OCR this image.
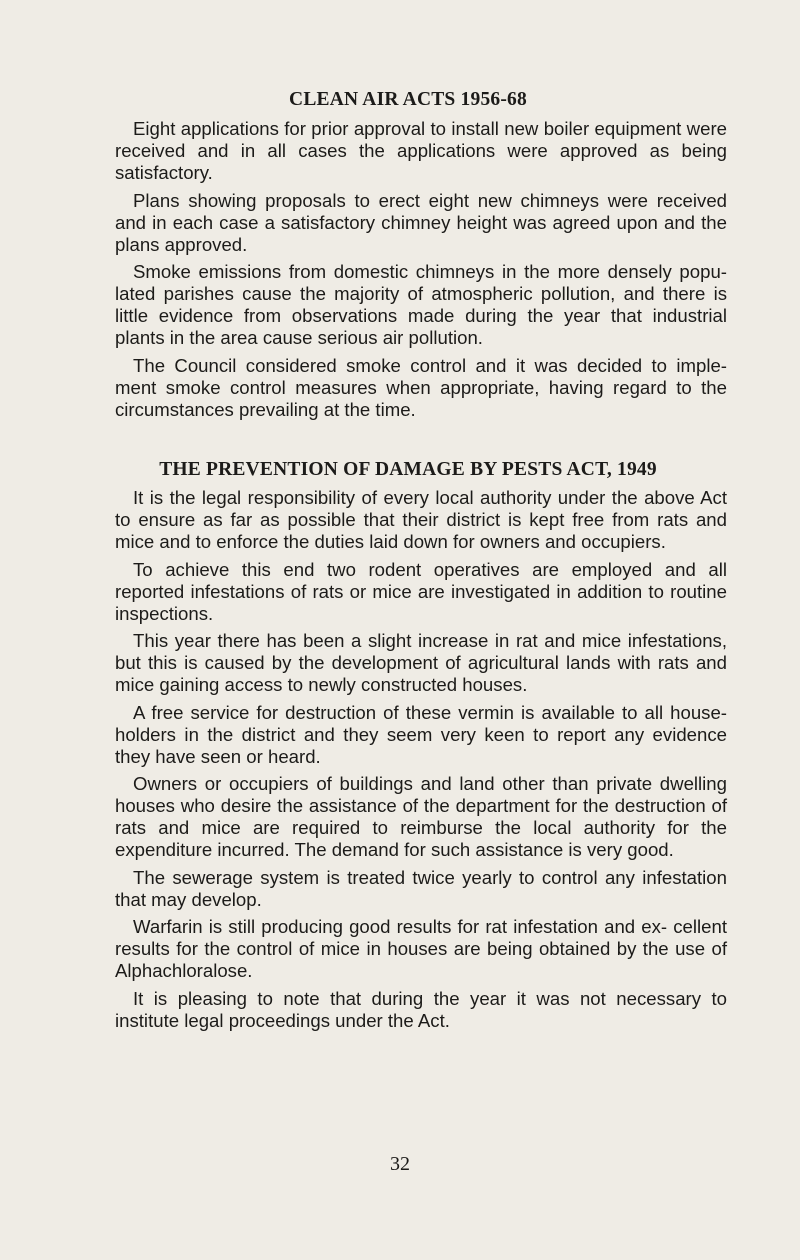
CLEAN AIR ACTS 1956-68

Eight applications for prior approval to install new boiler equipment were received and in all cases the applications were approved as being satisfactory.

Plans showing proposals to erect eight new chimneys were received and in each case a satisfactory chimney height was agreed upon and the plans approved.

Smoke emissions from domestic chimneys in the more densely popu- lated parishes cause the majority of atmospheric pollution, and there is little evidence from observations made during the year that industrial plants in the area cause serious air pollution.

The Council considered smoke control and it was decided to imple- ment smoke control measures when appropriate, having regard to the circumstances prevailing at the time.

THE PREVENTION OF DAMAGE BY PESTS ACT, 1949

It is the legal responsibility of every local authority under the above Act to ensure as far as possible that their district is kept free from rats and mice and to enforce the duties laid down for owners and occupiers.

To achieve this end two rodent operatives are employed and all reported infestations of rats or mice are investigated in addition to routine inspections.

This year there has been a slight increase in rat and mice infestations, but this is caused by the development of agricultural lands with rats and mice gaining access to newly constructed houses.

A free service for destruction of these vermin is available to all house- holders in the district and they seem very keen to report any evidence they have seen or heard.

Owners or occupiers of buildings and land other than private dwelling houses who desire the assistance of the department for the destruction of rats and mice are required to reimburse the local authority for the expenditure incurred. The demand for such assistance is very good.

The sewerage system is treated twice yearly to control any infestation that may develop.

Warfarin is still producing good results for rat infestation and ex- cellent results for the control of mice in houses are being obtained by the use of Alphachloralose.

It is pleasing to note that during the year it was not necessary to institute legal proceedings under the Act.

32
